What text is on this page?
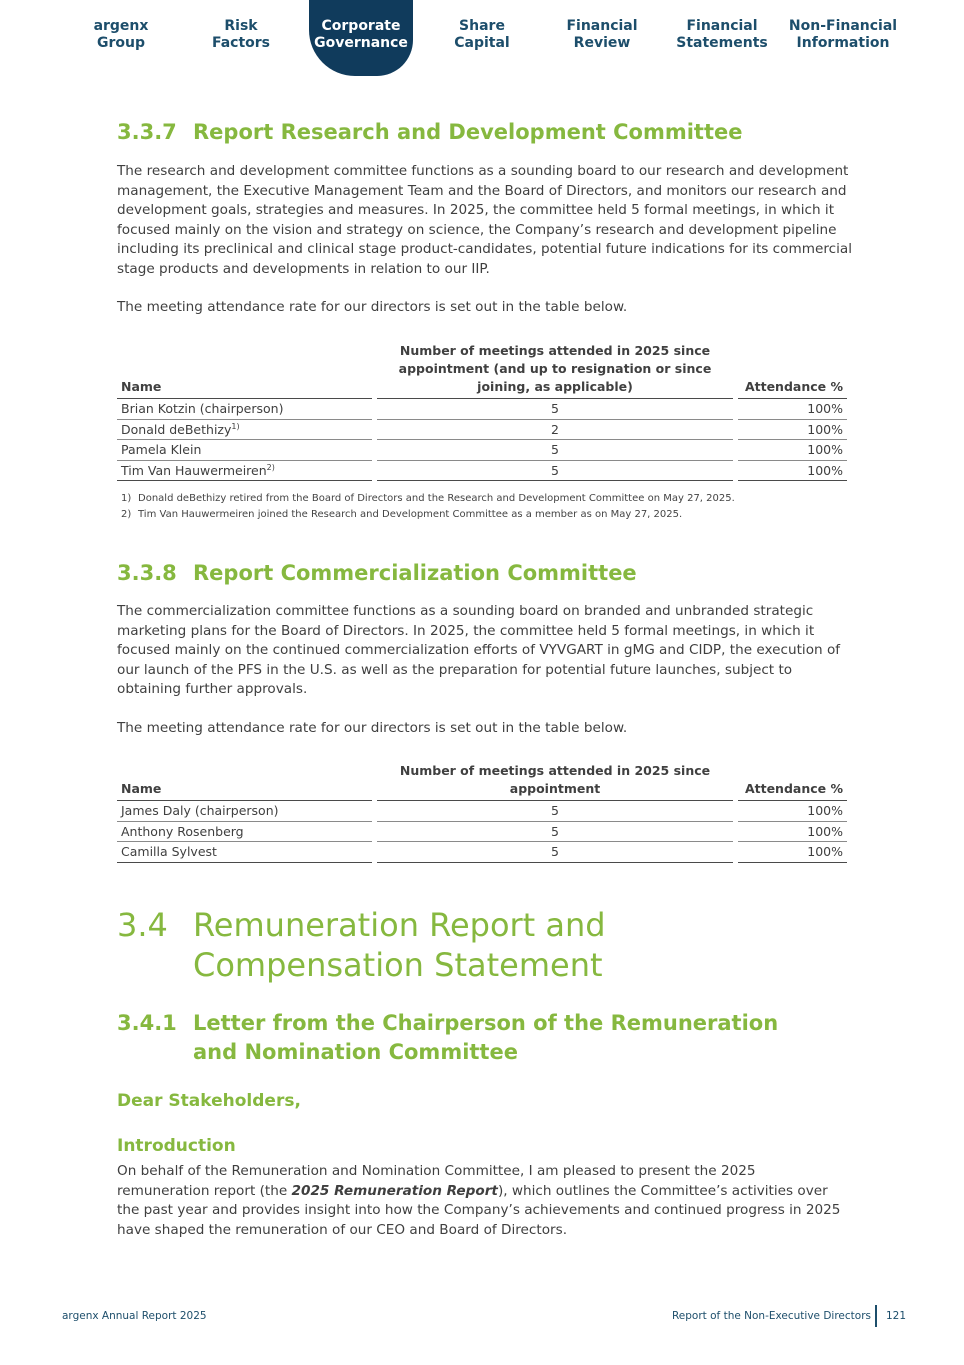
argenx
Group
Risk
Factors
Corporate
Governance
Share
Capital
Financial
Review
Financial
Statements
Non-Financial
Information
3.3.7 Report Research and Development Committee

The research and development committee functions as a sounding board to our research and development management, the Executive Management Team and the Board of Directors, and monitors our research and development goals, strategies and measures. In 2025, the committee held 5 formal meetings, in which it focused mainly on the vision and strategy on science, the Company’s research and development pipeline including its preclinical and clinical stage product-candidates, potential future indications for its commercial stage products and developments in relation to our IIP.

The meeting attendance rate for our directors is set out in the table below.

Name		Number of meetings attended in 2025 since appointment (and up to resignation or since joining, as applicable)		Attendance %
Brian Kotzin (chairperson)		5		100%
Donald deBethizy$^{1)}$		2		100%
Pamela Klein		5		100%
Tim Van Hauwermeiren$^{2)}$		5		100%
1) Donald deBethizy retired from the Board of Directors and the Research and Development Committee on May 27, 2025.
2) Tim Van Hauwermeiren joined the Research and Development Committee as a member as on May 27, 2025.
3.3.8 Report Commercialization Committee

The commercialization committee functions as a sounding board on branded and unbranded strategic marketing plans for the Board of Directors. In 2025, the committee held 5 formal meetings, in which it focused mainly on the continued commercialization efforts of VYVGART in gMG and CIDP, the execution of our launch of the PFS in the U.S. as well as the preparation for potential future launches, subject to obtaining further approvals.

The meeting attendance rate for our directors is set out in the table below.

Name		Number of meetings attended in 2025 since appointment		Attendance %
James Daly (chairperson)		5		100%
Anthony Rosenberg		5		100%
Camilla Sylvest		5		100%
3.4 Remuneration Report and Compensation Statement
3.4.1 Letter from the Chairperson of the Remuneration and Nomination Committee
Dear Stakeholders,
Introduction

On behalf of the Remuneration and Nomination Committee, I am pleased to present the 2025 remuneration report (the 2025 Remuneration Report), which outlines the Committee’s activities over the past year and provides insight into how the Company’s achievements and continued progress in 2025 have shaped the remuneration of our CEO and Board of Directors.

argenx Annual Report 2025	Report of the Non-Executive Directors 121
